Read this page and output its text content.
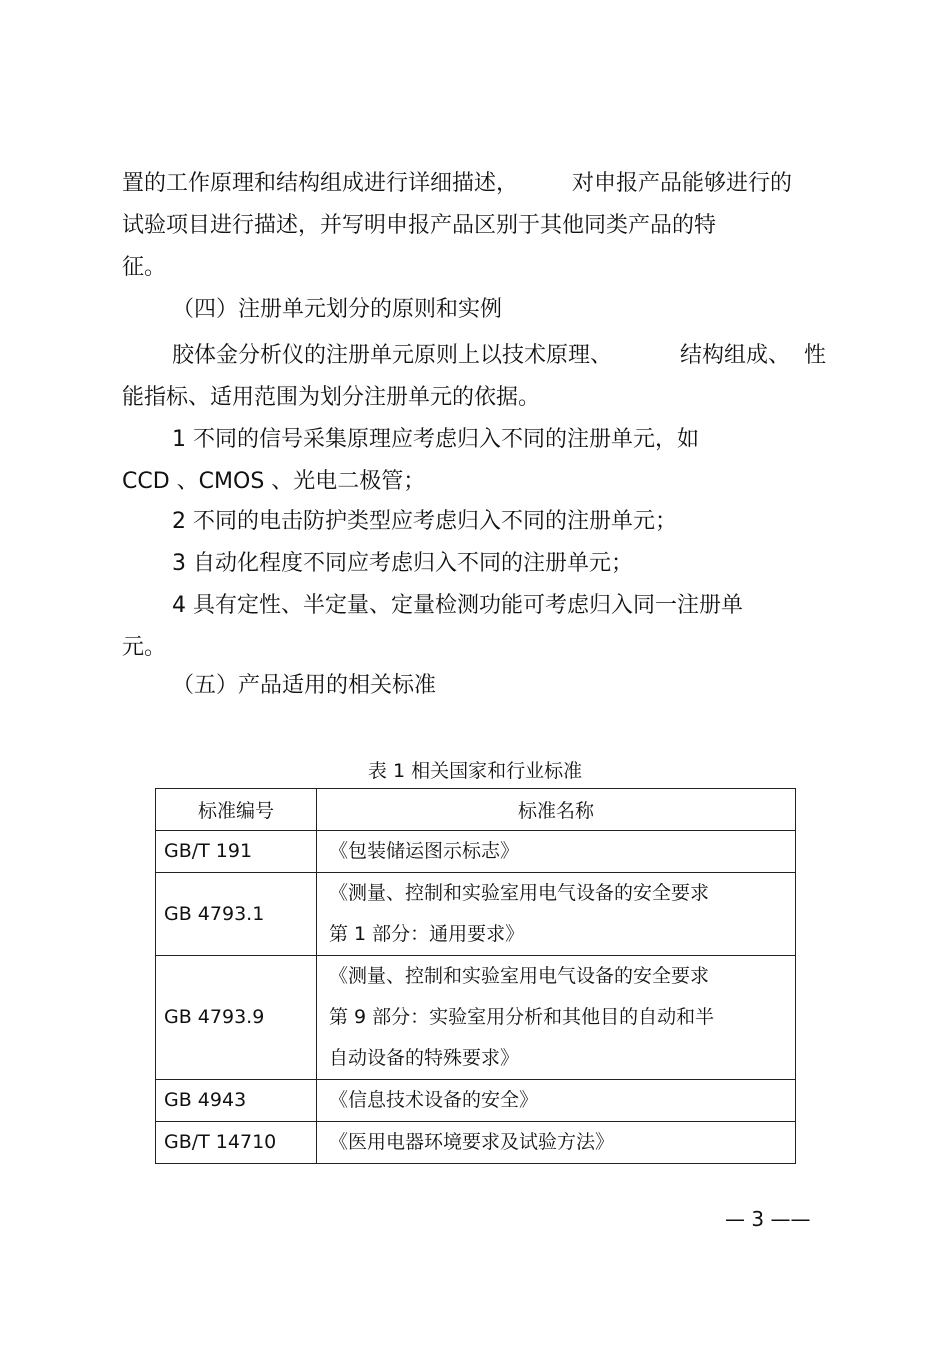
置的工作原理和结构组成进行详细描述， 对申报产品能够进行的
试验项目进行描述，并写明申报产品区别于其他同类产品的特
征。
（四）注册单元划分的原则和实例
胶体金分析仪的注册单元原则上以技术原理、	结构组成、 性
能指标、适用范围为划分注册单元的依据。
1 不同的信号采集原理应考虑归入不同的注册单元，如
CCD 、CMOS 、光电二极管；
2 不同的电击防护类型应考虑归入不同的注册单元；
3 自动化程度不同应考虑归入不同的注册单元；
4 具有定性、半定量、定量检测功能可考虑归入同一注册单
元。
（五）产品适用的相关标准
表 1 相关国家和行业标准
标准编号	标准名称

GB/T 191	《包装储运图示标志》

GB 4793.1	《测量、控制和实验室用电气设备的安全要求
第 1 部分：通用要求》

GB 4793.9	《测量、控制和实验室用电气设备的安全要求
第 9 部分：实验室用分析和其他目的自动和半
自动设备的特殊要求》

GB 4943	《信息技术设备的安全》

GB/T 14710	《医用电器环境要求及试验方法》
— 3 ——
